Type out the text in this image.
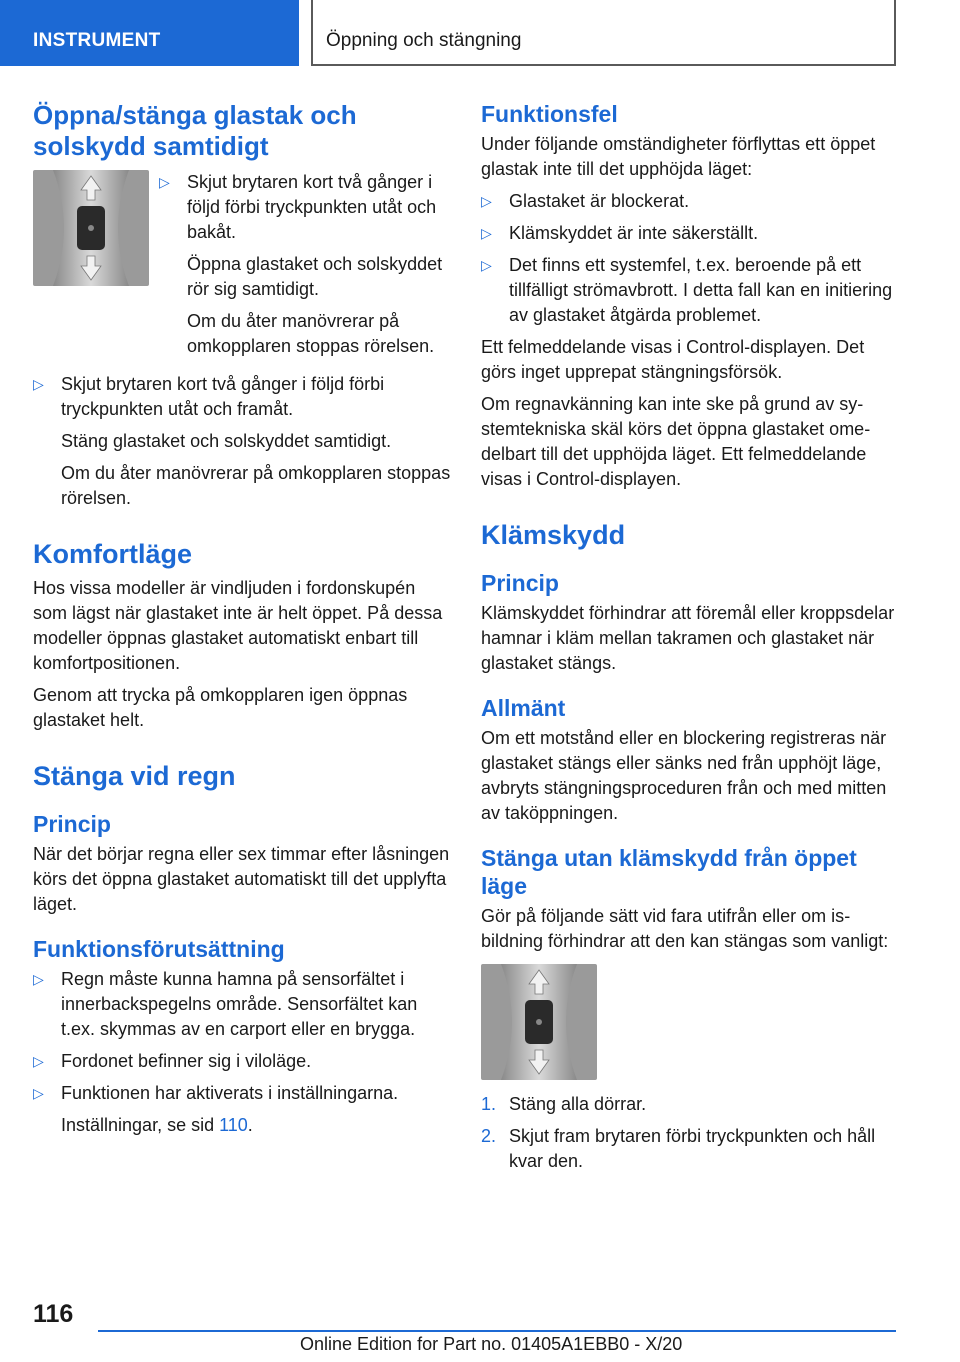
INSTRUMENT	Öppning och stängning
Öppna/stänga glastak och solskydd samtidigt
▷ Skjut brytaren kort två gånger i följd förbi tryckpunkten utåt och bakåt.
Öppna glastaket och solskyddet rör sig samtidigt.
Om du åter manövrerar på omkopplaren stoppas rörelsen.
▷ Skjut brytaren kort två gånger i följd förbi tryckpunkten utåt och framåt.
Stäng glastaket och solskyddet samtidigt.
Om du åter manövrerar på omkopplaren stoppas rörelsen.
Komfortläge
Hos vissa modeller är vindljuden i fordonskupén som lägst när glastaket inte är helt öppet. På dessa modeller öppnas glastaket automatiskt enbart till komfortpositionen.
Genom att trycka på omkopplaren igen öppnas glastaket helt.
Stänga vid regn
Princip
När det börjar regna eller sex timmar efter låsningen körs det öppna glastaket automatiskt till det upplyfta läget.
Funktionsförutsättning
▷ Regn måste kunna hamna på sensorfältet i innerbackspegelns område. Sensorfältet kan t.ex. skymmas av en carport eller en brygga.
▷ Fordonet befinner sig i viloläge.
▷ Funktionen har aktiverats i inställningarna.
Inställningar, se sid 110.
Funktionsfel
Under följande omständigheter förflyttas ett öppet glastak inte till det upphöjda läget:
▷ Glastaket är blockerat.
▷ Klämskyddet är inte säkerställt.
▷ Det finns ett systemfel, t.ex. beroende på ett tillfälligt strömavbrott. I detta fall kan en initiering av glastaket åtgärda problemet.
Ett felmeddelande visas i Control-displayen. Det görs inget upprepat stängningsförsök.
Om regnavkänning kan inte ske på grund av systemtekniska skäl körs det öppna glastaket omedelbart till det upphöjda läget. Ett felmeddelande visas i Control-displayen.
Klämskydd
Princip
Klämskyddet förhindrar att föremål eller kroppsdelar hamnar i kläm mellan takramen och glastaket när glastaket stängs.
Allmänt
Om ett motstånd eller en blockering registreras när glastaket stängs eller sänks ned från upphöjt läge, avbryts stängningsproceduren från och med mitten av taköppningen.
Stänga utan klämskydd från öppet läge
Gör på följande sätt vid fara utifrån eller om isbildning förhindrar att den kan stängas som vanligt:
1. Stäng alla dörrar.
2. Skjut fram brytaren förbi tryckpunkten och håll kvar den.
116
Online Edition for Part no. 01405A1EBB0 - X/20
